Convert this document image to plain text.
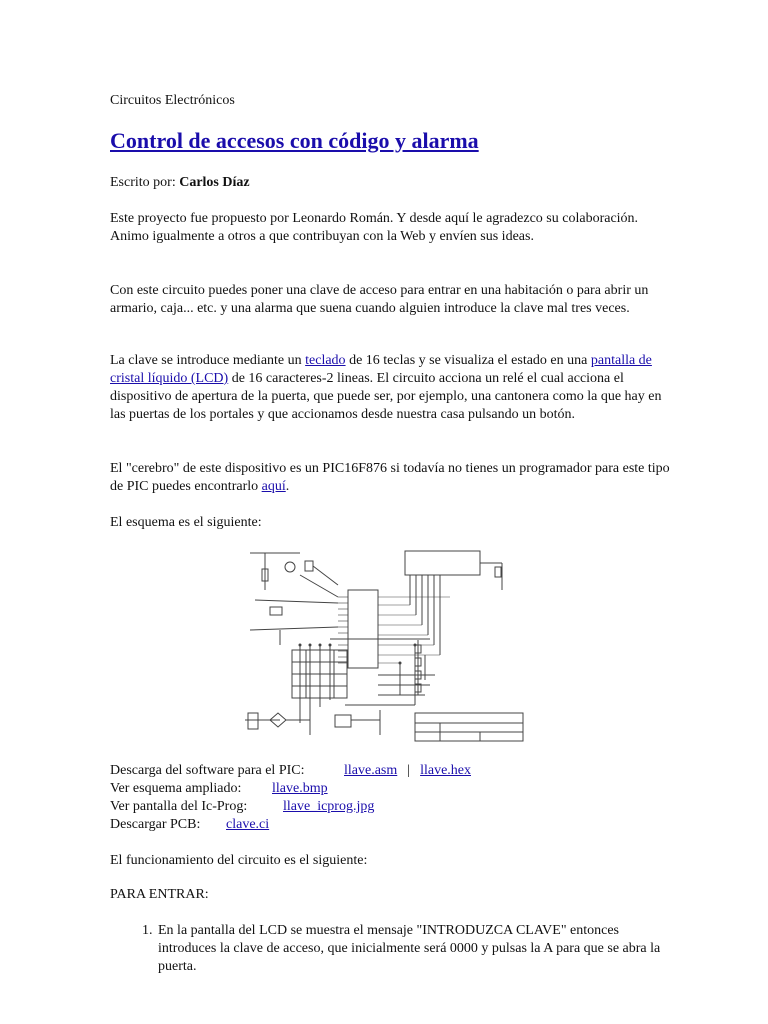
Circuitos Electrónicos
Control de accesos con código y alarma
Escrito por: Carlos Díaz

Este proyecto fue propuesto por Leonardo Román. Y desde aquí le agradezco su colaboración. Animo igualmente a otros a que contribuyan con la Web y envíen sus ideas.

Con este circuito puedes poner una clave de acceso para entrar en una habitación o para abrir un armario, caja... etc. y una alarma que suena cuando alguien introduce la clave mal tres veces.

La clave se introduce mediante un teclado de 16 teclas y se visualiza el estado en una pantalla de cristal líquido (LCD) de 16 caracteres-2 lineas. El circuito acciona un relé el cual acciona el dispositivo de apertura de la puerta, que puede ser, por ejemplo, una cantonera como la que hay en las puertas de los portales y que accionamos desde nuestra casa pulsando un botón.

El "cerebro" de este dispositivo es un PIC16F876 si todavía no tienes un programador para este tipo de PIC puedes encontrarlo aquí.

El esquema es el siguiente:

Descarga del software para el PIC:	llave.asm | llave.hex
Ver esquema ampliado: llave.bmp
Ver pantalla del Ic-Prog:	llave_icprog.jpg
Descargar PCB: clave.ci

El funcionamiento del circuito es el siguiente:

PARA ENTRAR:

1. En la pantalla del LCD se muestra el mensaje "INTRODUZCA CLAVE" entonces introduces la clave de acceso, que inicialmente será 0000 y pulsas la A para que se abra la puerta.
